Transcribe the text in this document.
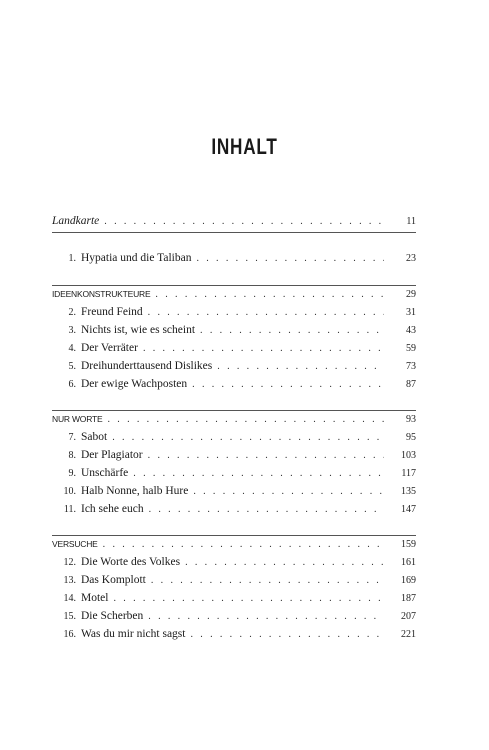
INHALT
Landkarte . . .	11
1. Hypatia und die Taliban . . .	23
IDEENKONSTRUKTEURE . . .	29
2. Freund Feind . . .	31
3. Nichts ist, wie es scheint . . .	43
4. Der Verräter . . .	59
5. Dreihunderttausend Dislikes . . .	73
6. Der ewige Wachposten . . .	87
NUR WORTE . . .	93
7. Sabot . . .	95
8. Der Plagiator . . .	103
9. Unschärfe . . .	117
10. Halb Nonne, halb Hure . . .	135
11. Ich sehe euch . . .	147
VERSUCHE . . .	159
12. Die Worte des Volkes . . .	161
13. Das Komplott . . .	169
14. Motel . . .	187
15. Die Scherben . . .	207
16. Was du mir nicht sagst . . .	221
